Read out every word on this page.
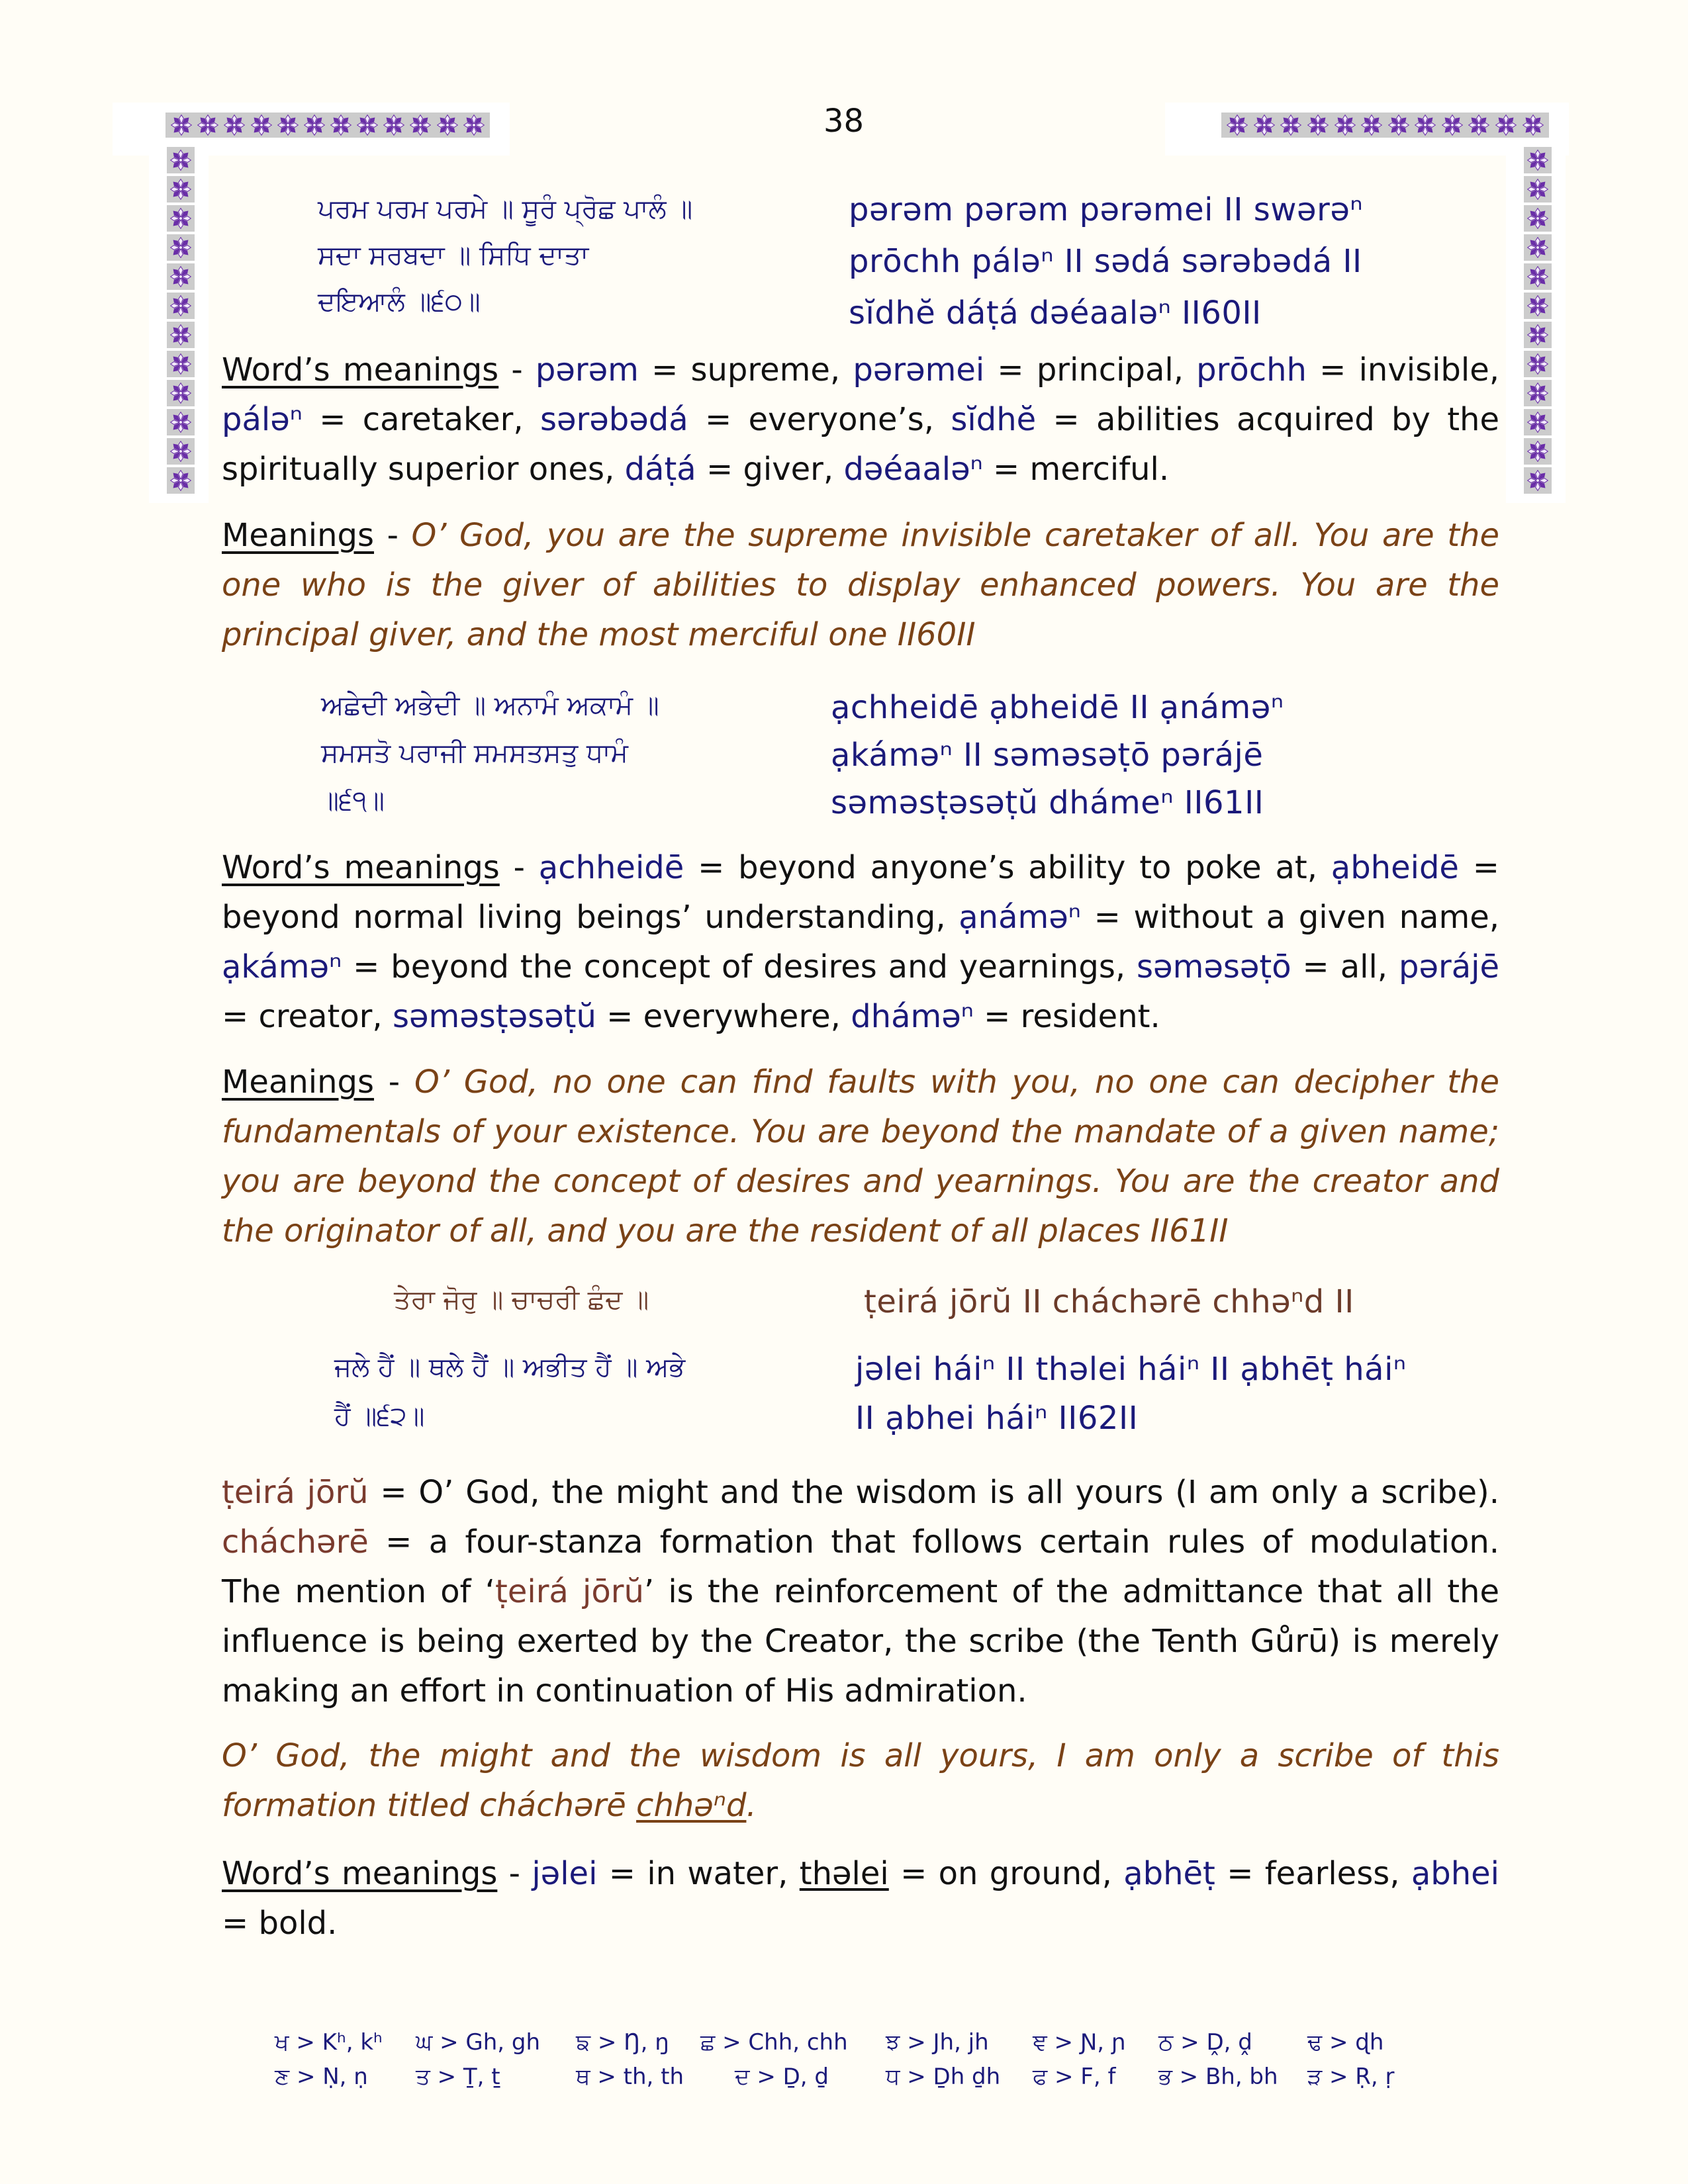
38
ਪਰਮ ਪਰਮ ਪਰਮੇ ॥ ਸੂਰੰ ਪ੍ਰੋਛ ਪਾਲੰ ॥
ਸਦਾ ਸਰਬਦਾ ॥ ਸਿਧਿ ਦਾਤਾ
ਦਇਆਲੰ ॥੬੦॥
pərəm pərəm pərəmei II swərəⁿ
prōchh páləⁿ II sədá sərəbədá II
sĭdhĕ dáṭá dəéaaləⁿ II60II
Word’s meanings - pərəm = supreme, pərəmei = principal, prōchh = invisible, páləⁿ = caretaker, sərəbədá = everyone’s, sĭdhĕ = abilities acquired by the spiritually superior ones, dáṭá = giver, dəéaaləⁿ = merciful.
Meanings - O’ God, you are the supreme invisible caretaker of all. You are the one who is the giver of abilities to display enhanced powers. You are the principal giver, and the most merciful one II60II
ਅਛੇਦੀ ਅਭੇਦੀ ॥ ਅਨਾਮੰ ਅਕਾਮੰ ॥
ਸਮਸਤੋ ਪਰਾਜੀ ਸਮਸਤਸਤੁ ਧਾਮੰ
॥੬੧॥
ạchheidē ạbheidē II ạnáməⁿ
ạkáməⁿ II səməsəṭō pərájē
səməsṭəsəṭŭ dhámeⁿ II61II
Word’s meanings - ạchheidē = beyond anyone’s ability to poke at, ạbheidē = beyond normal living beings’ understanding, ạnáməⁿ = without a given name, ạkáməⁿ = beyond the concept of desires and yearnings, səməsəṭō = all, pərájē = creator, səməsṭəsəṭŭ = everywhere, dháməⁿ = resident.
Meanings - O’ God, no one can find faults with you, no one can decipher the fundamentals of your existence. You are beyond the mandate of a given name; you are beyond the concept of desires and yearnings. You are the creator and the originator of all, and you are the resident of all places II61II
ਤੇਰਾ ਜੋਰੁ ॥ ਚਾਚਰੀ ਛੰਦ ॥	ṭeirá jōrŭ II cháchərē chhəⁿd II
ਜਲੇ ਹੈਂ ॥ ਥਲੇ ਹੈਂ ॥ ਅਭੀਤ ਹੈਂ ॥ ਅਭੇ
ਹੈਂ ॥੬੨॥
jəlei háiⁿ II thəlei háiⁿ II ạbhēṭ háiⁿ
II ạbhei háiⁿ II62II
ṭeirá jōrŭ = O’ God, the might and the wisdom is all yours (I am only a scribe). cháchərē = a four-stanza formation that follows certain rules of modulation. The mention of ‘ṭeirá jōrŭ’ is the reinforcement of the admittance that all the influence is being exerted by the Creator, the scribe (the Tenth Gůrū) is merely making an effort in continuation of His admiration.
O’ God, the might and the wisdom is all yours, I am only a scribe of this formation titled cháchərē chhəⁿd.
Word’s meanings - jəlei = in water, thəlei = on ground, ạbhēṭ = fearless, ạbhei = bold.
ਖ > Kʰ, kʰ ਘ > Gh, gh ਙ > Ŋ, ŋ ਛ > Chh, chh ਝ > Jh, jh ਞ > Ɲ, ɲ ਠ > Ḓ, ḓ ਢ > ɖh
ਣ > Ṇ, ṇ ਤ > Ṯ, ṯ	ਥ > th, th ਦ > Ḏ, ḏ	ਧ > Ḏh ḏh ਫ > F, f ਭ > Bh, bh ੜ > Ṛ, ṛ
